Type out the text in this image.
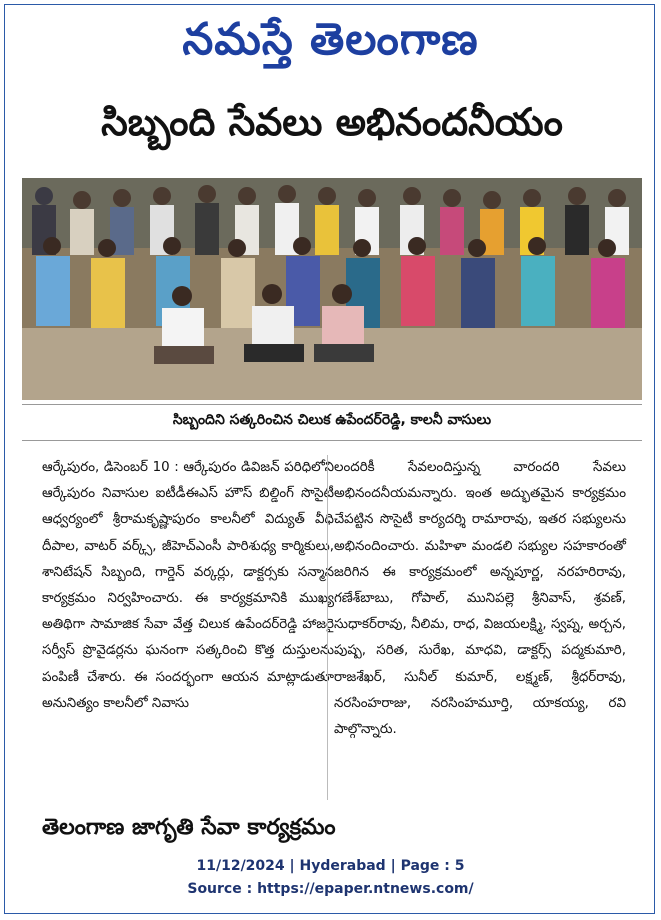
నమస్తే తెలంగాణ
సిబ్బంది సేవలు అభినందనీయం
సిబ్బందిని సత్కరించిన చిలుక ఉపేందర్‌రెడ్డి, కాలనీ వాసులు

ఆర్కేపురం, డిసెంబర్ 10 : ఆర్కేపురం డివిజన్ పరిధిలోని ఆర్కేపురం నివాసుల ఐటీడీఈఎస్ హౌస్ బిల్డింగ్ సొసైటీ ఆధ్వర్యంలో శ్రీరామకృష్ణాపురం కాలనీలో విద్యుత్ వీధి దీపాల, వాటర్ వర్క్స్, జీహెచ్ఎంసీ పారిశుధ్య కార్మికులు, శానిటేషన్ సిబ్బంది, గార్డెన్ వర్కర్లు, డాక్టర్సకు సన్మాన కార్యక్రమం నిర్వహించారు. ఈ కార్యక్రమానికి ముఖ్య అతిథిగా సామాజిక సేవా వేత్త చిలుక ఉపేందర్‌రెడ్డి హాజరై సర్వీస్ ప్రొవైడర్లను ఘనంగా సత్కరించి కొత్త దుస్తులను పంపిణీ చేశారు. ఈ సందర్భంగా ఆయన మాట్లాడుతూ అనునిత్యం కాలనీలో నివాసు

లందరికీ సేవలందిస్తున్న వారందరి సేవలు అభినందనీయమన్నారు. ఇంత అద్భుతమైన కార్యక్రమం చేపట్టిన సొసైటీ కార్యదర్శి రామారావు, ఇతర సభ్యులను అభినందించారు. మహిళా మండలి సభ్యుల సహకారంతో జరిగిన ఈ కార్యక్రమంలో అన్నపూర్ణ, నరహరిరావు, గణేశ్‌బాబు, గోపాల్, మునిపల్లె శ్రీనివాస్, శ్రవణ్, సుధాకర్‌రావు, నీలిమ, రాధ, విజయలక్ష్మి, స్వప్న, అర్చన, పుష్ప, సరిత, సురేఖ, మాధవి, డాక్టర్స్ పద్మకుమారి, రాజశేఖర్, సునీల్ కుమార్, లక్ష్మణ్, శ్రీధర్‌రావు, నరసింహరాజు, నరసింహమూర్తి, యాకయ్య, రవి పాల్గొన్నారు.

తెలంగాణ జాగృతి సేవా కార్యక్రమం
11/12/2024 | Hyderabad | Page : 5
Source : https://epaper.ntnews.com/
